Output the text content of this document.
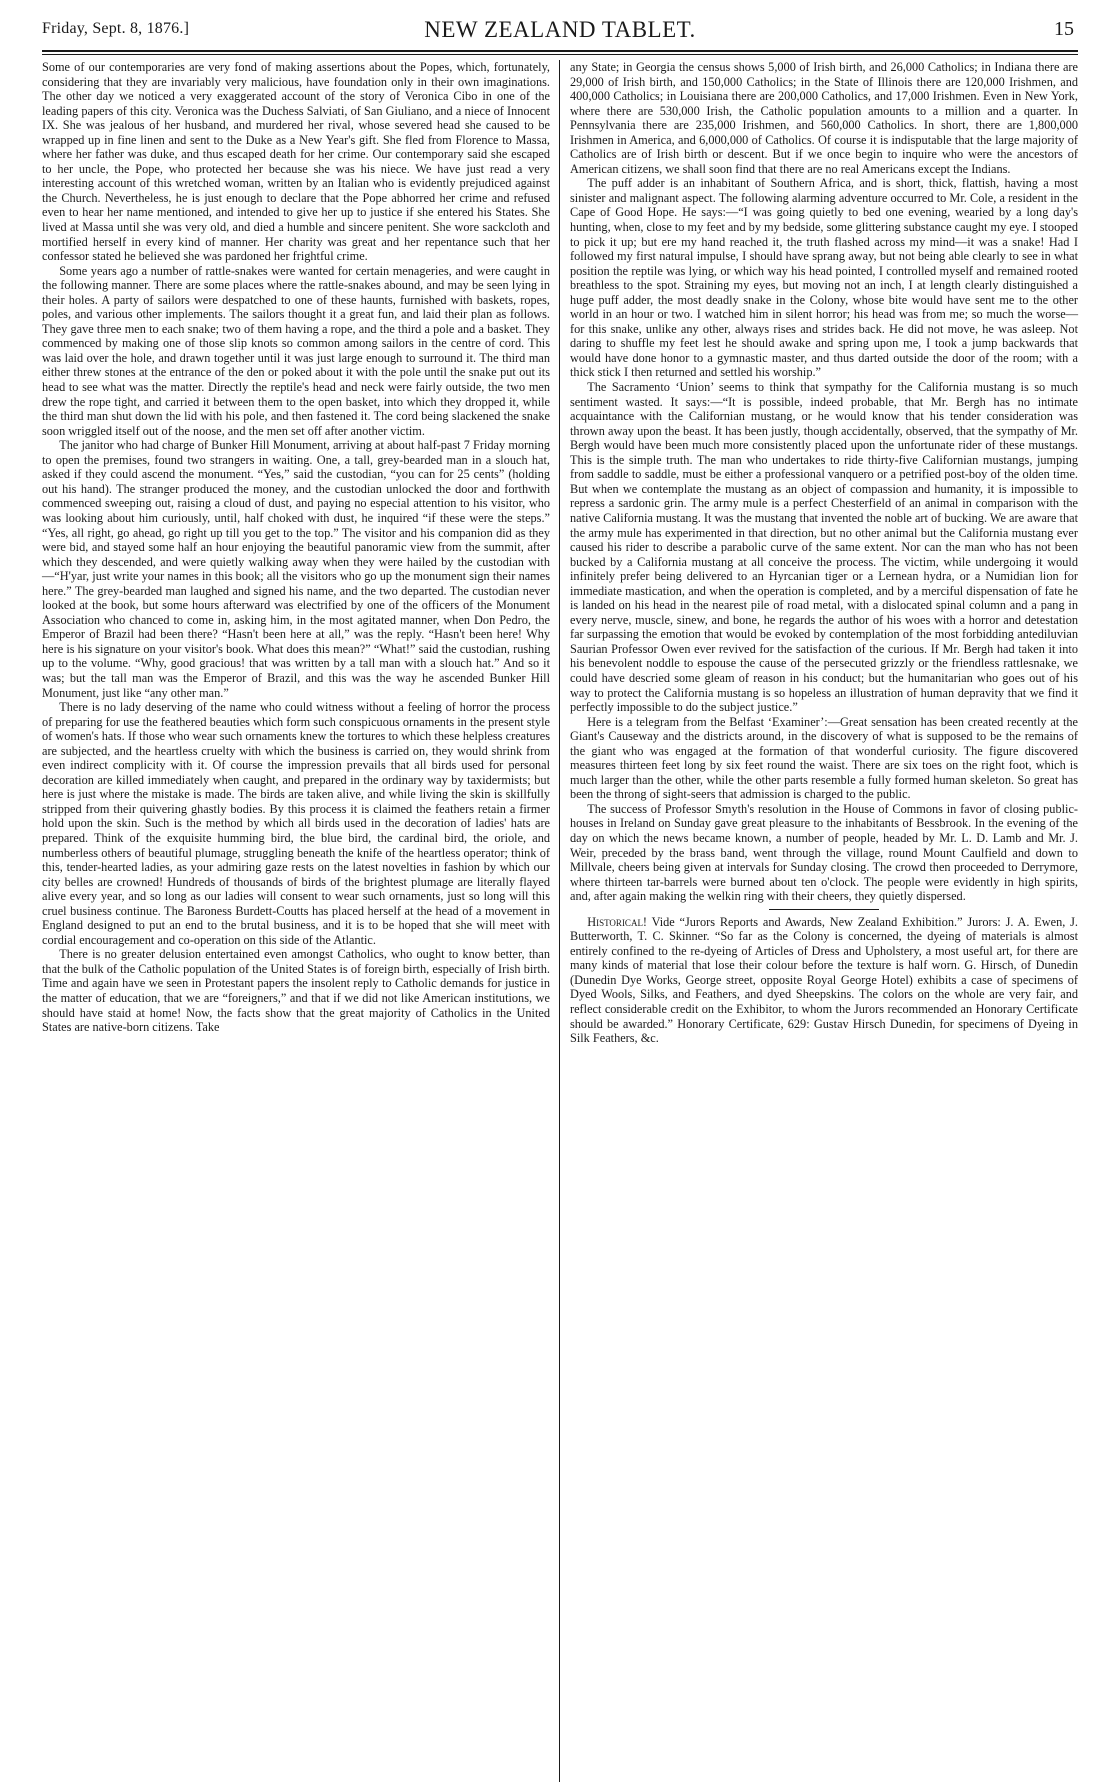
Friday, Sept. 8, 1876.]	NEW ZEALAND TABLET.	15

Some of our contemporaries are very fond of making assertions about the Popes, which, fortunately, considering that they are invariably very malicious, have foundation only in their own imaginations. The other day we noticed a very exaggerated account of the story of Veronica Cibo in one of the leading papers of this city. Veronica was the Duchess Salviati, of San Giuliano, and a niece of Innocent IX. She was jealous of her husband, and murdered her rival, whose severed head she caused to be wrapped up in fine linen and sent to the Duke as a New Year's gift. She fled from Florence to Massa, where her father was duke, and thus escaped death for her crime. Our contemporary said she escaped to her uncle, the Pope, who protected her because she was his niece. We have just read a very interesting account of this wretched woman, written by an Italian who is evidently prejudiced against the Church. Nevertheless, he is just enough to declare that the Pope abhorred her crime and refused even to hear her name mentioned, and intended to give her up to justice if she entered his States. She lived at Massa until she was very old, and died a humble and sincere penitent. She wore sackcloth and mortified herself in every kind of manner. Her charity was great and her repentance such that her confessor stated he believed she was pardoned her frightful crime.

Some years ago a number of rattle-snakes were wanted for certain menageries, and were caught in the following manner. There are some places where the rattle-snakes abound, and may be seen lying in their holes. A party of sailors were despatched to one of these haunts, furnished with baskets, ropes, poles, and various other implements. The sailors thought it a great fun, and laid their plan as follows. They gave three men to each snake; two of them having a rope, and the third a pole and a basket. They commenced by making one of those slip knots so common among sailors in the centre of cord. This was laid over the hole, and drawn together until it was just large enough to surround it. The third man either threw stones at the entrance of the den or poked about it with the pole until the snake put out its head to see what was the matter. Directly the reptile's head and neck were fairly outside, the two men drew the rope tight, and carried it between them to the open basket, into which they dropped it, while the third man shut down the lid with his pole, and then fastened it. The cord being slackened the snake soon wriggled itself out of the noose, and the men set off after another victim.

The janitor who had charge of Bunker Hill Monument, arriving at about half-past 7 Friday morning to open the premises, found two strangers in waiting. One, a tall, grey-bearded man in a slouch hat, asked if they could ascend the monument. “Yes,” said the custodian, “you can for 25 cents” (holding out his hand). The stranger produced the money, and the custodian unlocked the door and forthwith commenced sweeping out, raising a cloud of dust, and paying no especial attention to his visitor, who was looking about him curiously, until, half choked with dust, he inquired “if these were the steps.” “Yes, all right, go ahead, go right up till you get to the top.” The visitor and his companion did as they were bid, and stayed some half an hour enjoying the beautiful panoramic view from the summit, after which they descended, and were quietly walking away when they were hailed by the custodian with—“H'yar, just write your names in this book; all the visitors who go up the monument sign their names here.” The grey-bearded man laughed and signed his name, and the two departed. The custodian never looked at the book, but some hours afterward was electrified by one of the officers of the Monument Association who chanced to come in, asking him, in the most agitated manner, when Don Pedro, the Emperor of Brazil had been there? “Hasn't been here at all,” was the reply. “Hasn't been here! Why here is his signature on your visitor's book. What does this mean?” “What!” said the custodian, rushing up to the volume. “Why, good gracious! that was written by a tall man with a slouch hat.” And so it was; but the tall man was the Emperor of Brazil, and this was the way he ascended Bunker Hill Monument, just like “any other man.”

There is no lady deserving of the name who could witness without a feeling of horror the process of preparing for use the feathered beauties which form such conspicuous ornaments in the present style of women's hats. If those who wear such ornaments knew the tortures to which these helpless creatures are subjected, and the heartless cruelty with which the business is carried on, they would shrink from even indirect complicity with it. Of course the impression prevails that all birds used for personal decoration are killed immediately when caught, and prepared in the ordinary way by taxidermists; but here is just where the mistake is made. The birds are taken alive, and while living the skin is skillfully stripped from their quivering ghastly bodies. By this process it is claimed the feathers retain a firmer hold upon the skin. Such is the method by which all birds used in the decoration of ladies' hats are prepared. Think of the exquisite humming bird, the blue bird, the cardinal bird, the oriole, and numberless others of beautiful plumage, struggling beneath the knife of the heartless operator; think of this, tender-hearted ladies, as your admiring gaze rests on the latest novelties in fashion by which our city belles are crowned! Hundreds of thousands of birds of the brightest plumage are literally flayed alive every year, and so long as our ladies will consent to wear such ornaments, just so long will this cruel business continue. The Baroness Burdett-Coutts has placed herself at the head of a movement in England designed to put an end to the brutal business, and it is to be hoped that she will meet with cordial encouragement and co-operation on this side of the Atlantic.

There is no greater delusion entertained even amongst Catholics, who ought to know better, than that the bulk of the Catholic population of the United States is of foreign birth, especially of Irish birth. Time and again have we seen in Protestant papers the insolent reply to Catholic demands for justice in the matter of education, that we are “foreigners,” and that if we did not like American institutions, we should have staid at home! Now, the facts show that the great majority of Catholics in the United States are native-born citizens. Take

any State; in Georgia the census shows 5,000 of Irish birth, and 26,000 Catholics; in Indiana there are 29,000 of Irish birth, and 150,000 Catholics; in the State of Illinois there are 120,000 Irishmen, and 400,000 Catholics; in Louisiana there are 200,000 Catholics, and 17,000 Irishmen. Even in New York, where there are 530,000 Irish, the Catholic population amounts to a million and a quarter. In Pennsylvania there are 235,000 Irishmen, and 560,000 Catholics. In short, there are 1,800,000 Irishmen in America, and 6,000,000 of Catholics. Of course it is indisputable that the large majority of Catholics are of Irish birth or descent. But if we once begin to inquire who were the ancestors of American citizens, we shall soon find that there are no real Americans except the Indians.

The puff adder is an inhabitant of Southern Africa, and is short, thick, flattish, having a most sinister and malignant aspect. The following alarming adventure occurred to Mr. Cole, a resident in the Cape of Good Hope. He says:—“I was going quietly to bed one evening, wearied by a long day's hunting, when, close to my feet and by my bedside, some glittering substance caught my eye. I stooped to pick it up; but ere my hand reached it, the truth flashed across my mind—it was a snake! Had I followed my first natural impulse, I should have sprang away, but not being able clearly to see in what position the reptile was lying, or which way his head pointed, I controlled myself and remained rooted breathless to the spot. Straining my eyes, but moving not an inch, I at length clearly distinguished a huge puff adder, the most deadly snake in the Colony, whose bite would have sent me to the other world in an hour or two. I watched him in silent horror; his head was from me; so much the worse—for this snake, unlike any other, always rises and strides back. He did not move, he was asleep. Not daring to shuffle my feet lest he should awake and spring upon me, I took a jump backwards that would have done honor to a gymnastic master, and thus darted outside the door of the room; with a thick stick I then returned and settled his worship.”

The Sacramento ‘Union’ seems to think that sympathy for the California mustang is so much sentiment wasted. It says:—“It is possible, indeed probable, that Mr. Bergh has no intimate acquaintance with the Californian mustang, or he would know that his tender consideration was thrown away upon the beast. It has been justly, though accidentally, observed, that the sympathy of Mr. Bergh would have been much more consistently placed upon the unfortunate rider of these mustangs. This is the simple truth. The man who undertakes to ride thirty-five Californian mustangs, jumping from saddle to saddle, must be either a professional vanquero or a petrified post-boy of the olden time. But when we contemplate the mustang as an object of compassion and humanity, it is impossible to repress a sardonic grin. The army mule is a perfect Chesterfield of an animal in comparison with the native California mustang. It was the mustang that invented the noble art of bucking. We are aware that the army mule has experimented in that direction, but no other animal but the California mustang ever caused his rider to describe a parabolic curve of the same extent. Nor can the man who has not been bucked by a California mustang at all conceive the process. The victim, while undergoing it would infinitely prefer being delivered to an Hyrcanian tiger or a Lernean hydra, or a Numidian lion for immediate mastication, and when the operation is completed, and by a merciful dispensation of fate he is landed on his head in the nearest pile of road metal, with a dislocated spinal column and a pang in every nerve, muscle, sinew, and bone, he regards the author of his woes with a horror and detestation far surpassing the emotion that would be evoked by contemplation of the most forbidding antediluvian Saurian Professor Owen ever revived for the satisfaction of the curious. If Mr. Bergh had taken it into his benevolent noddle to espouse the cause of the persecuted grizzly or the friendless rattlesnake, we could have descried some gleam of reason in his conduct; but the humanitarian who goes out of his way to protect the California mustang is so hopeless an illustration of human depravity that we find it perfectly impossible to do the subject justice.”

Here is a telegram from the Belfast ‘Examiner’:—Great sensation has been created recently at the Giant's Causeway and the districts around, in the discovery of what is supposed to be the remains of the giant who was engaged at the formation of that wonderful curiosity. The figure discovered measures thirteen feet long by six feet round the waist. There are six toes on the right foot, which is much larger than the other, while the other parts resemble a fully formed human skeleton. So great has been the throng of sight-seers that admission is charged to the public.

The success of Professor Smyth's resolution in the House of Commons in favor of closing public-houses in Ireland on Sunday gave great pleasure to the inhabitants of Bessbrook. In the evening of the day on which the news became known, a number of people, headed by Mr. L. D. Lamb and Mr. J. Weir, preceded by the brass band, went through the village, round Mount Caulfield and down to Millvale, cheers being given at intervals for Sunday closing. The crowd then proceeded to Derrymore, where thirteen tar-barrels were burned about ten o'clock. The people were evidently in high spirits, and, after again making the welkin ring with their cheers, they quietly dispersed.

Historical! Vide “Jurors Reports and Awards, New Zealand Exhibition.” Jurors: J. A. Ewen, J. Butterworth, T. C. Skinner. “So far as the Colony is concerned, the dyeing of materials is almost entirely confined to the re-dyeing of Articles of Dress and Upholstery, a most useful art, for there are many kinds of material that lose their colour before the texture is half worn. G. Hirsch, of Dunedin (Dunedin Dye Works, George street, opposite Royal George Hotel) exhibits a case of specimens of Dyed Wools, Silks, and Feathers, and dyed Sheepskins. The colors on the whole are very fair, and reflect considerable credit on the Exhibitor, to whom the Jurors recommended an Honorary Certificate should be awarded.” Honorary Certificate, 629: Gustav Hirsch Dunedin, for specimens of Dyeing in Silk Feathers, &c.
